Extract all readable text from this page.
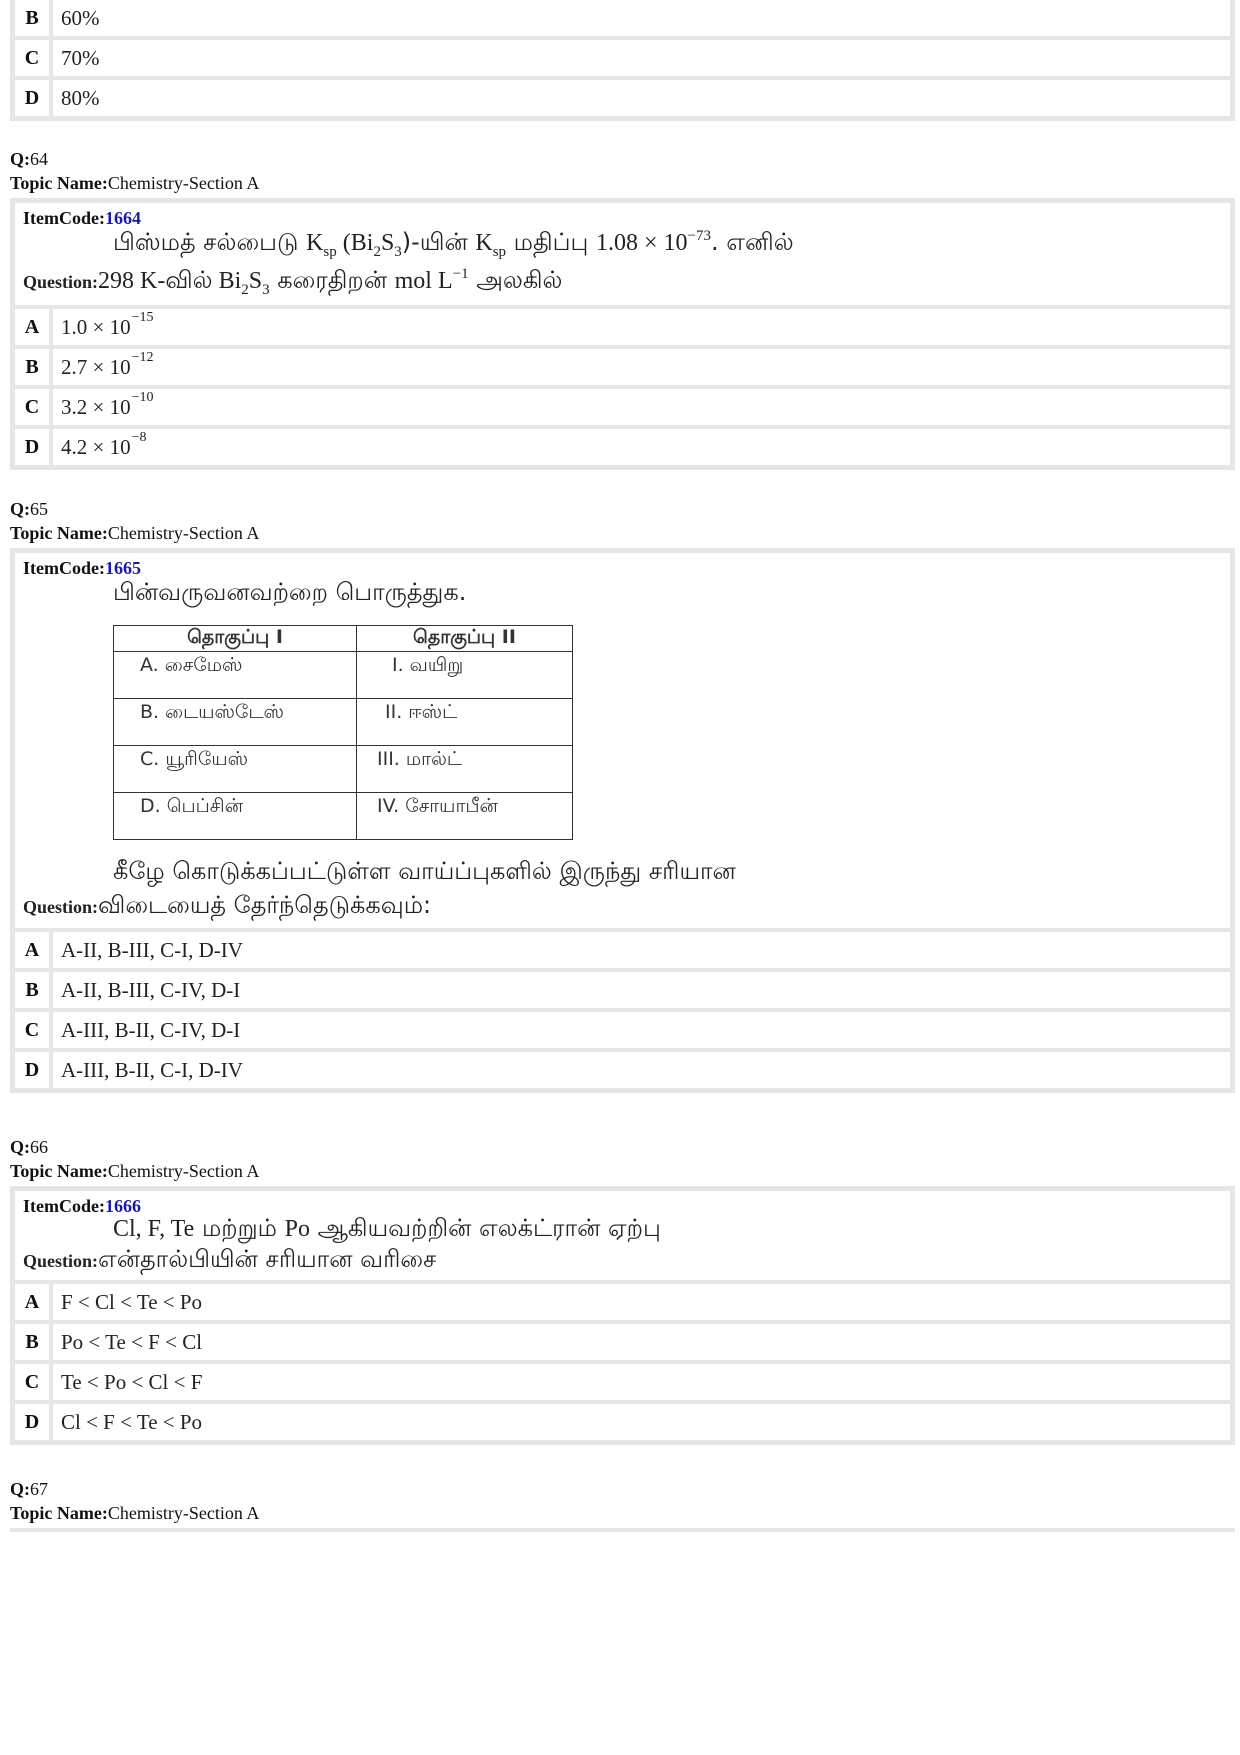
B	60%
C	70%
D	80%
Q:64
Topic Name:Chemistry-Section A
ItemCode:1664
பிஸ்மத் சல்பைடு $K_{sp}$ $(Bi_2S_3)-யின்$ $K_{sp}$ மதிப்பு $1.08 \times 10^{-73}$. எனில்
Question:298 K-வில் $Bi_2S_3$ கரைதிறன் mol $L^{-1}$ அலகில்
A	$1.0 \times 10^{-15}$
B	$2.7 \times 10^{-12}$
C	$3.2 \times 10^{-10}$
D	$4.2 \times 10^{-8}$
Q:65
Topic Name:Chemistry-Section A
ItemCode:1665
பின்வருவனவற்றை பொருத்துக.
தொகுப்பு I	தொகுப்பு II
A. சைமேஸ்	I. வயிறு
B. டையஸ்டேஸ்	II. ஈஸ்ட்
C. யூரியேஸ்	III. மால்ட்
D. பெப்சின்	IV. சோயாபீன்
கீழே கொடுக்கப்பட்டுள்ள வாய்ப்புகளில் இருந்து சரியான
Question:விடையைத் தேர்ந்தெடுக்கவும்:
A	A-II, B-III, C-I, D-IV
B	A-II, B-III, C-IV, D-I
C	A-III, B-II, C-IV, D-I
D	A-III, B-II, C-I, D-IV
Q:66
Topic Name:Chemistry-Section A
ItemCode:1666
Cl, F, Te மற்றும் Po ஆகியவற்றின் எலக்ட்ரான் ஏற்பு
Question:என்தால்பியின் சரியான வரிசை
A	F < Cl < Te < Po
B	Po < Te < F < Cl
C	Te < Po < Cl < F
D	Cl < F < Te < Po
Q:67
Topic Name:Chemistry-Section A
